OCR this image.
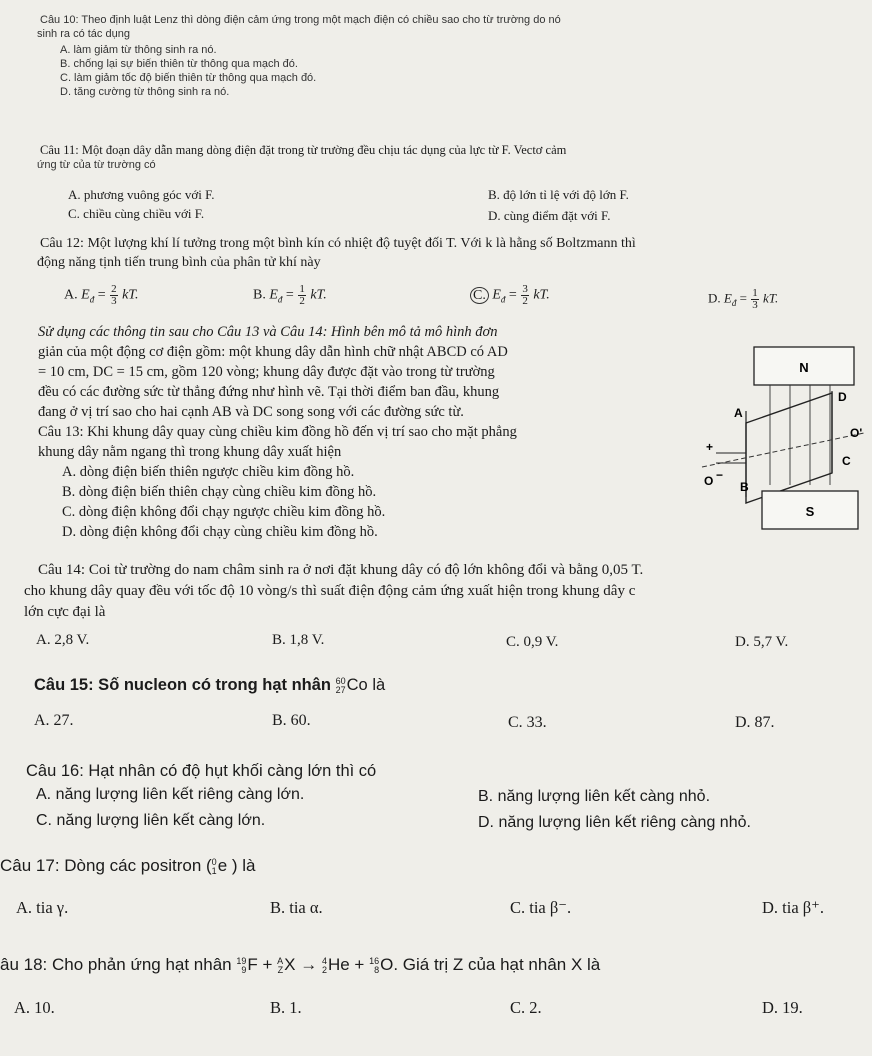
Câu 10: Theo định luật Lenz thì dòng điện cảm ứng trong một mạch điện có chiều sao cho từ trường do nó
sinh ra có tác dụng
A. làm giảm từ thông sinh ra nó.
B. chống lại sự biến thiên từ thông qua mạch đó.
C. làm giảm tốc độ biến thiên từ thông qua mạch đó.
D. tăng cường từ thông sinh ra nó.
Câu 11: Một đoạn dây dẫn mang dòng điện đặt trong từ trường đều chịu tác dụng của lực từ F. Vectơ cảm
ứng từ của từ trường có
A. phương vuông góc với F.	B. độ lớn tỉ lệ với độ lớn F.
C. chiều cùng chiều với F.	D. cùng điểm đặt với F.
Câu 12: Một lượng khí lí tưởng trong một bình kín có nhiệt độ tuyệt đối T. Với k là hằng số Boltzmann thì
động năng tịnh tiến trung bình của phân tử khí này
A. $E_đ = \frac{2}{3}$ kT.	B. $E_đ = \frac{1}{2}$ kT.	C. $E_đ = \frac{3}{2}$ kT.	D. $E_đ = \frac{1}{3}$ kT.
Sử dụng các thông tin sau cho Câu 13 và Câu 14: Hình bên mô tả mô hình đơn
giản của một động cơ điện gồm: một khung dây dẫn hình chữ nhật ABCD có AD
= 10 cm, DC = 15 cm, gồm 120 vòng; khung dây được đặt vào trong từ trường
đều có các đường sức từ thẳng đứng như hình vẽ. Tại thời điểm ban đầu, khung
đang ở vị trí sao cho hai cạnh AB và DC song song với các đường sức từ.
Câu 13: Khi khung dây quay cùng chiều kim đồng hồ đến vị trí sao cho mặt phẳng
khung dây nằm ngang thì trong khung dây xuất hiện
A. dòng điện biến thiên ngược chiều kim đồng hồ.
B. dòng điện biến thiên chạy cùng chiều kim đồng hồ.
C. dòng điện không đổi chạy ngược chiều kim đồng hồ.
D. dòng điện không đổi chạy cùng chiều kim đồng hồ.
N
S
A
D
C
B
O
O'
+
−
Câu 14: Coi từ trường do nam châm sinh ra ở nơi đặt khung dây có độ lớn không đổi và bằng 0,05 T.
cho khung dây quay đều với tốc độ 10 vòng/s thì suất điện động cảm ứng xuất hiện trong khung dây c
lớn cực đại là
A. 2,8 V.	B. 1,8 V.	C. 0,9 V.	D. 5,7 V.
Câu 15: Số nucleon có trong hạt nhân 60
27 Co là
A. 27.	B. 60.	C. 33.	D. 87.
Câu 16: Hạt nhân có độ hụt khối càng lớn thì có
A. năng lượng liên kết riêng càng lớn.	B. năng lượng liên kết càng nhỏ.
C. năng lượng liên kết càng lớn.	D. năng lượng liên kết riêng càng nhỏ.
Câu 17: Dòng các positron ( 0
1 e ) là
A. tia γ.	B. tia α.	C. tia β⁻.	D. tia β⁺.
âu 18: Cho phản ứng hạt nhân 19
9 F + A
Z X → 4
2 He + 16
8 O. Giá trị Z của hạt nhân X là
A. 10.	B. 1.	C. 2.	D. 19.
